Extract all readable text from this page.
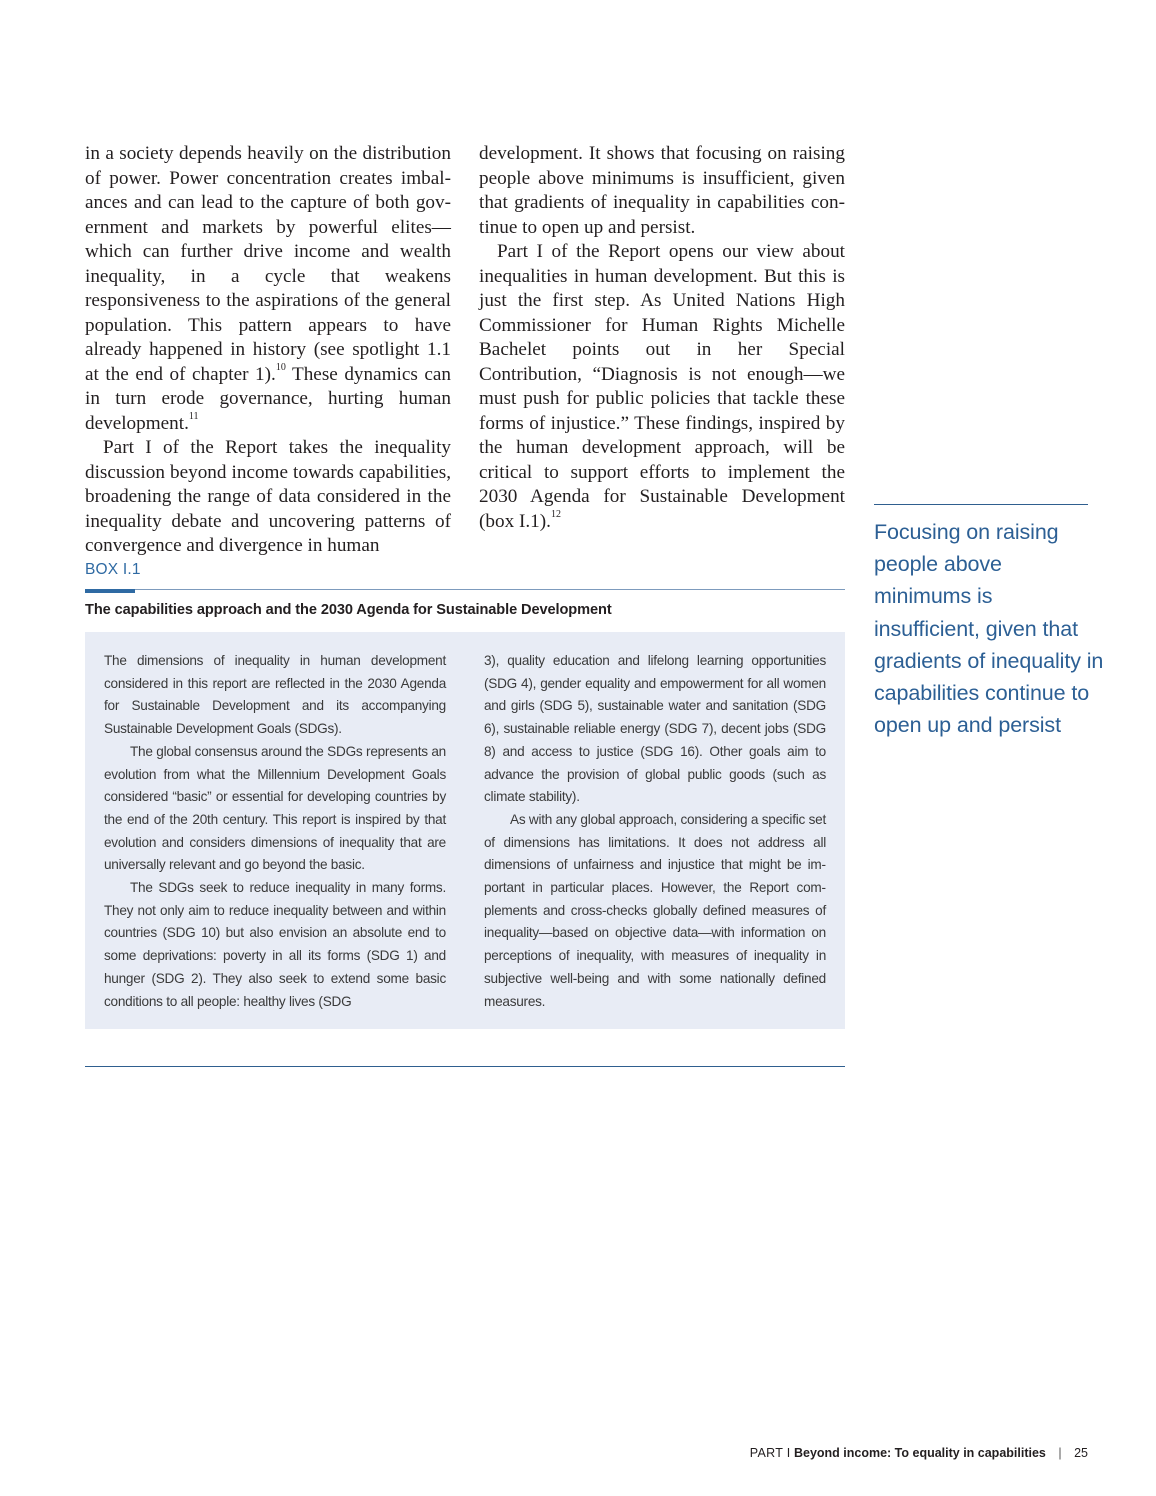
in a society depends heavily on the distribution of power. Power concentration creates imbalances and can lead to the capture of both government and markets by powerful elites—which can further drive income and wealth inequality, in a cycle that weakens responsiveness to the aspirations of the general population. This pattern appears to have already happened in history (see spotlight 1.1 at the end of chapter 1).$^{10}$ These dynamics can in turn erode governance, hurting human development.$^{11}$

Part I of the Report takes the inequality discussion beyond income towards capabilities, broadening the range of data considered in the inequality debate and uncovering patterns of convergence and divergence in human

development. It shows that focusing on raising people above minimums is insufficient, given that gradients of inequality in capabilities continue to open up and persist.

Part I of the Report opens our view about inequalities in human development. But this is just the first step. As United Nations High Commissioner for Human Rights Michelle Bachelet points out in her Special Contribution, “Diagnosis is not enough—we must push for public policies that tackle these forms of injustice.” These findings, inspired by the human development approach, will be critical to support efforts to implement the 2030 Agenda for Sustainable Development (box I.1).$^{12}$

Focusing on raising people above minimums is insufficient, given that gradients of inequality in capabilities continue to open up and persist
BOX I.1
The capabilities approach and the 2030 Agenda for Sustainable Development

The dimensions of inequality in human development considered in this report are reflected in the 2030 Agenda for Sustainable Development and its accompanying Sustainable Development Goals (SDGs).

The global consensus around the SDGs represents an evolution from what the Millennium Development Goals considered “basic” or essential for developing countries by the end of the 20th century. This report is inspired by that evolution and considers dimensions of inequality that are universally relevant and go beyond the basic.

The SDGs seek to reduce inequality in many forms. They not only aim to reduce inequality between and within countries (SDG 10) but also envision an absolute end to some deprivations: poverty in all its forms (SDG 1) and hunger (SDG 2). They also seek to extend some basic conditions to all people: healthy lives (SDG

3), quality education and lifelong learning opportunities (SDG 4), gender equality and empowerment for all women and girls (SDG 5), sustainable water and sanitation (SDG 6), sustainable reliable energy (SDG 7), decent jobs (SDG 8) and access to justice (SDG 16). Other goals aim to advance the provision of global public goods (such as climate stability).

As with any global approach, considering a specific set of dimensions has limitations. It does not address all dimensions of unfairness and injustice that might be important in particular places. However, the Report complements and cross-checks globally defined measures of inequality—based on objective data—with information on perceptions of inequality, with measures of inequality in subjective well-being and with some nationally defined measures.

PART I Beyond income: To equality in capabilities | 25
